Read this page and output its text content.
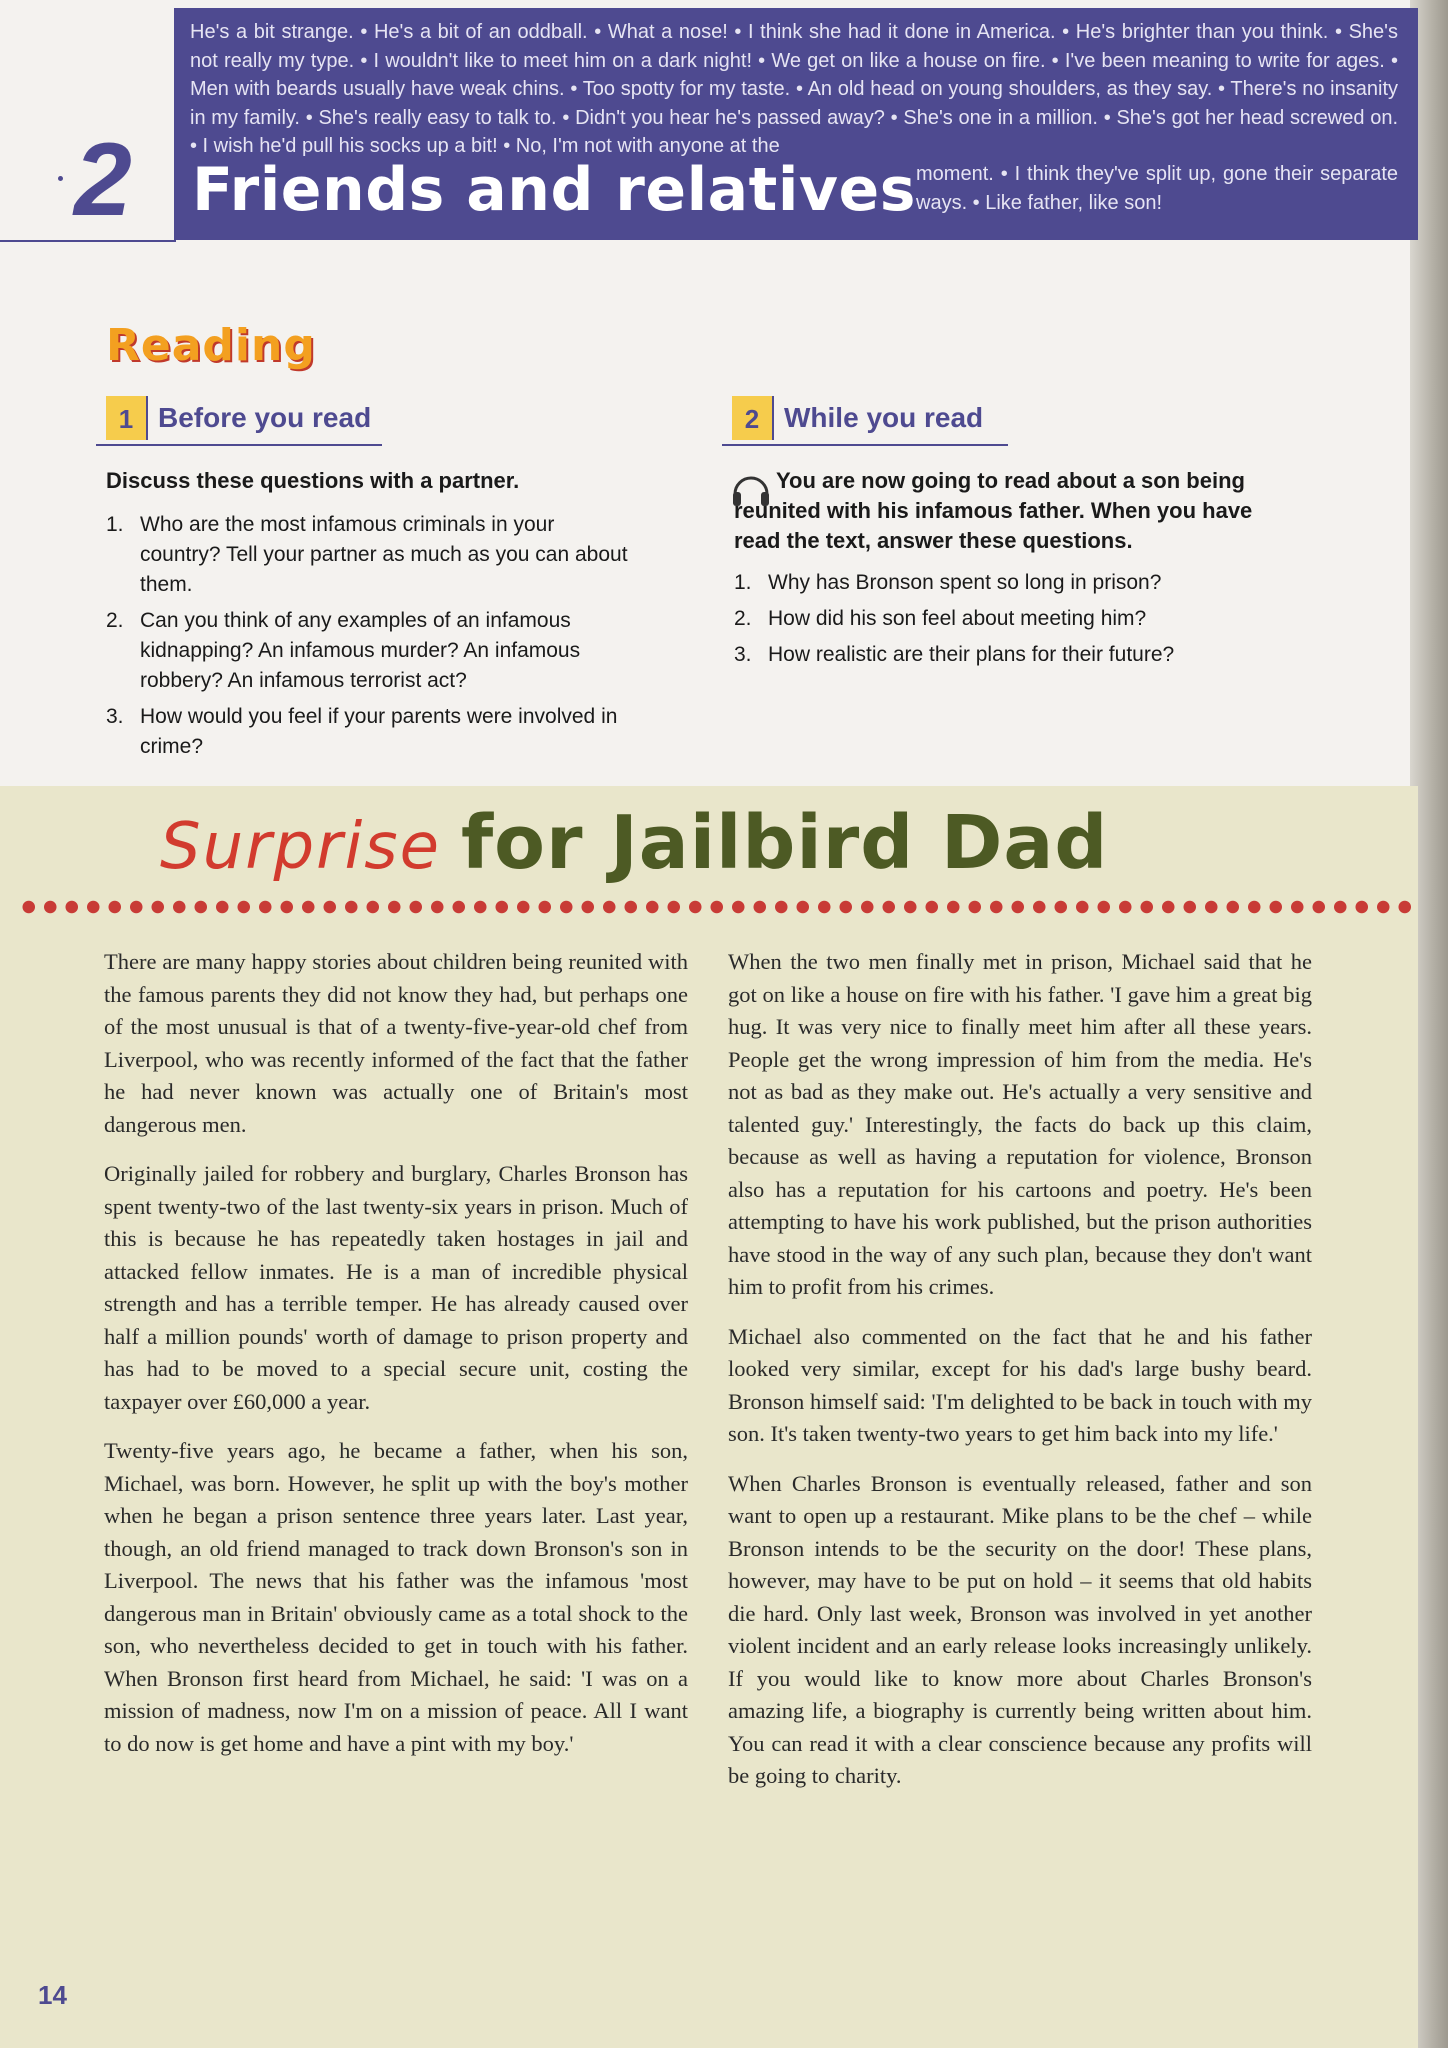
2

He's a bit strange. • He's a bit of an oddball. • What a nose! • I think she had it done in America. • He's brighter than you think. • She's not really my type. • I wouldn't like to meet him on a dark night! • We get on like a house on fire. • I've been meaning to write for ages. • Men with beards usually have weak chins. • Too spotty for my taste. • An old head on young shoulders, as they say. • There's no insanity in my family. • She's really easy to talk to. • Didn't you hear he's passed away? • She's one in a million. • She's got her head screwed on. • I wish he'd pull his socks up a bit! • No, I'm not with anyone at the

Friends and relatives moment. • I think they've split up, gone their separate ways. • Like father, like son!

Reading
1 Before you read
Discuss these questions with a partner.
1. Who are the most infamous criminals in your country? Tell your partner as much as you can about them.
2. Can you think of any examples of an infamous kidnapping? An infamous murder? An infamous robbery? An infamous terrorist act?
3. How would you feel if your parents were involved in crime?
2 While you read
You are now going to read about a son being reunited with his infamous father. When you have read the text, answer these questions.
1. Why has Bronson spent so long in prison?
2. How did his son feel about meeting him?
3. How realistic are their plans for their future?
Surprise for Jailbird Dad

There are many happy stories about children being reunited with the famous parents they did not know they had, but perhaps one of the most unusual is that of a twenty-five-year-old chef from Liverpool, who was recently informed of the fact that the father he had never known was actually one of Britain's most dangerous men.

Originally jailed for robbery and burglary, Charles Bronson has spent twenty-two of the last twenty-six years in prison. Much of this is because he has repeatedly taken hostages in jail and attacked fellow inmates. He is a man of incredible physical strength and has a terrible temper. He has already caused over half a million pounds' worth of damage to prison property and has had to be moved to a special secure unit, costing the taxpayer over £60,000 a year.

Twenty-five years ago, he became a father, when his son, Michael, was born. However, he split up with the boy's mother when he began a prison sentence three years later. Last year, though, an old friend managed to track down Bronson's son in Liverpool. The news that his father was the infamous 'most dangerous man in Britain' obviously came as a total shock to the son, who nevertheless decided to get in touch with his father. When Bronson first heard from Michael, he said: 'I was on a mission of madness, now I'm on a mission of peace. All I want to do now is get home and have a pint with my boy.'

When the two men finally met in prison, Michael said that he got on like a house on fire with his father. 'I gave him a great big hug. It was very nice to finally meet him after all these years. People get the wrong impression of him from the media. He's not as bad as they make out. He's actually a very sensitive and talented guy.' Interestingly, the facts do back up this claim, because as well as having a reputation for violence, Bronson also has a reputation for his cartoons and poetry. He's been attempting to have his work published, but the prison authorities have stood in the way of any such plan, because they don't want him to profit from his crimes.

Michael also commented on the fact that he and his father looked very similar, except for his dad's large bushy beard. Bronson himself said: 'I'm delighted to be back in touch with my son. It's taken twenty-two years to get him back into my life.'

When Charles Bronson is eventually released, father and son want to open up a restaurant. Mike plans to be the chef – while Bronson intends to be the security on the door! These plans, however, may have to be put on hold – it seems that old habits die hard. Only last week, Bronson was involved in yet another violent incident and an early release looks increasingly unlikely. If you would like to know more about Charles Bronson's amazing life, a biography is currently being written about him. You can read it with a clear conscience because any profits will be going to charity.

14
